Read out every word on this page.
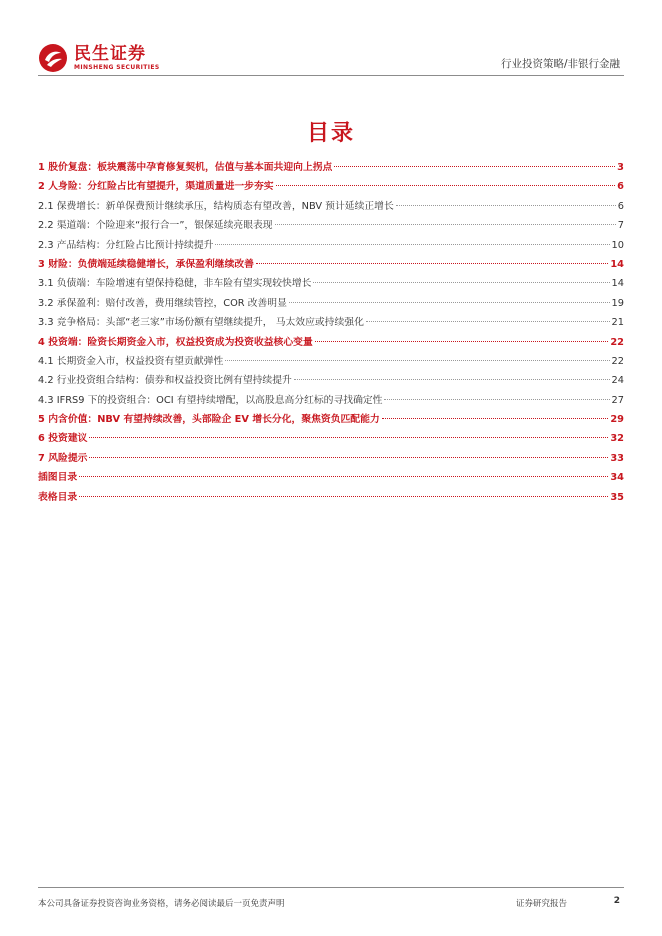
民生证券
MINSHENG SECURITIES	行业投资策略/非银行金融
目录
1 股价复盘：板块震荡中孕育修复契机，估值与基本面共迎向上拐点	3
2 人身险：分红险占比有望提升，渠道质量进一步夯实	6
2.1 保费增长：新单保费预计继续承压，结构质态有望改善，NBV 预计延续正增长	6
2.2 渠道端：个险迎来“报行合一”，银保延续亮眼表现	7
2.3 产品结构：分红险占比预计持续提升	10
3 财险：负债端延续稳健增长，承保盈利继续改善	14
3.1 负债端：车险增速有望保持稳健，非车险有望实现较快增长	14
3.2 承保盈利：赔付改善，费用继续管控，COR 改善明显	19
3.3 竞争格局：头部“老三家”市场份额有望继续提升， 马太效应或持续强化	21
4 投资端：险资长期资金入市，权益投资成为投资收益核心变量	22
4.1 长期资金入市，权益投资有望贡献弹性	22
4.2 行业投资组合结构：债券和权益投资比例有望持续提升	24
4.3 IFRS9 下的投资组合：OCI 有望持续增配，以高股息高分红标的寻找确定性	27
5 内含价值：NBV 有望持续改善，头部险企 EV 增长分化，聚焦资负匹配能力	29
6 投资建议	32
7 风险提示	33
插图目录	34
表格目录	35
本公司具备证券投资咨询业务资格，请务必阅读最后一页免责声明	证券研究报告	2
